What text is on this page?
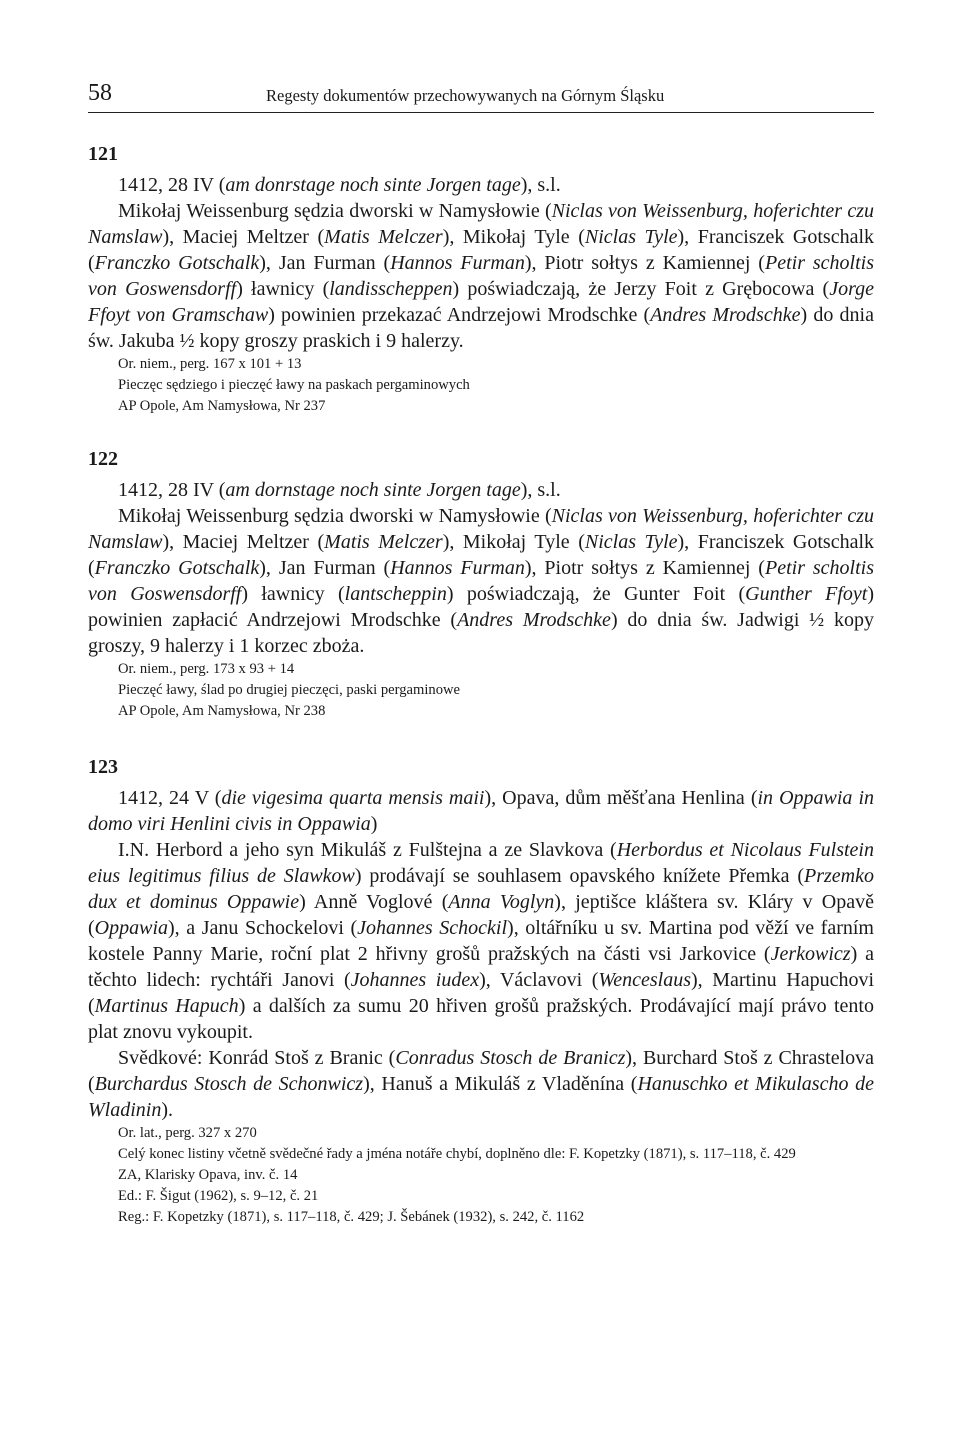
58	Regesty dokumentów przechowywanych na Górnym Śląsku
121

1412, 28 IV (am donrstage noch sinte Jorgen tage), s.l.

Mikołaj Weissenburg sędzia dworski w Namysłowie (Niclas von Weissenburg, hoferichter czu Namslaw), Maciej Meltzer (Matis Melczer), Mikołaj Tyle (Niclas Tyle), Franciszek Gotschalk (Franczko Gotschalk), Jan Furman (Hannos Furman), Piotr sołtys z Kamiennej (Petir scholtis von Goswensdorff) ławnicy (landisscheppen) poświadczają, że Jerzy Foit z Grębocowa (Jorge Ffoyt von Gramschaw) powinien przekazać Andrzejowi Mrodschke (Andres Mrodschke) do dnia św. Jakuba ½ kopy groszy praskich i 9 halerzy.

Or. niem., perg. 167 x 101 + 13
Pieczęc sędziego i pieczęć ławy na paskach pergaminowych
AP Opole, Am Namysłowa, Nr 237
122

1412, 28 IV (am dornstage noch sinte Jorgen tage), s.l.

Mikołaj Weissenburg sędzia dworski w Namysłowie (Niclas von Weissenburg, hoferichter czu Namslaw), Maciej Meltzer (Matis Melczer), Mikołaj Tyle (Niclas Tyle), Franciszek Gotschalk (Franczko Gotschalk), Jan Furman (Hannos Furman), Piotr sołtys z Kamiennej (Petir scholtis von Goswensdorff) ławnicy (lantscheppin) poświadczają, że Gunter Foit (Gunther Ffoyt) powinien zapłacić Andrzejowi Mrodschke (Andres Mrodschke) do dnia św. Jadwigi ½ kopy groszy, 9 halerzy i 1 korzec zboża.

Or. niem., perg. 173 x 93 + 14
Pieczęć ławy, ślad po drugiej pieczęci, paski pergaminowe
AP Opole, Am Namysłowa, Nr 238
123

1412, 24 V (die vigesima quarta mensis maii), Opava, dům měšťana Henlina (in Oppawia in domo viri Henlini civis in Oppawia)

I.N. Herbord a jeho syn Mikuláš z Fulštejna a ze Slavkova (Herbordus et Nicolaus Fulstein eius legitimus filius de Slawkow) prodávají se souhlasem opavského knížete Přemka (Przemko dux et dominus Oppawie) Anně Voglové (Anna Voglyn), jeptišce kláštera sv. Kláry v Opavě (Oppawia), a Janu Schockelovi (Johannes Schockil), oltářníku u sv. Martina pod věží ve farním kostele Panny Marie, roční plat 2 hřivny grošů pražských na části vsi Jarkovice (Jerkowicz) a těchto lidech: rychtáři Janovi (Johannes iudex), Václavovi (Wenceslaus), Martinu Hapuchovi (Martinus Hapuch) a dalších za sumu 20 hřiven grošů pražských. Prodávající mají právo tento plat znovu vykoupit.

Svědkové: Konrád Stoš z Branic (Conradus Stosch de Branicz), Burchard Stoš z Chrastelova (Burchardus Stosch de Schonwicz), Hanuš a Mikuláš z Vladěnína (Hanuschko et Mikulascho de Wladinin).

Or. lat., perg. 327 x 270
Celý konec listiny včetně svědečné řady a jména notáře chybí, doplněno dle: F. Kopetzky (1871), s. 117–118, č. 429
ZA, Klarisky Opava, inv. č. 14
Ed.: F. Šigut (1962), s. 9–12, č. 21
Reg.: F. Kopetzky (1871), s. 117–118, č. 429; J. Šebánek (1932), s. 242, č. 1162
